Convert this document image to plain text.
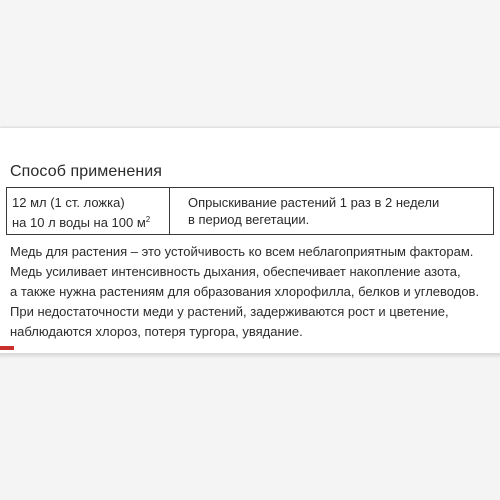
Способ применения
12 мл (1 ст. ложка)
на 10 л воды на 100 $м^2$
Опрыскивание растений 1 раз в 2 недели
в период вегетации.

Медь для растения – это устойчивость ко всем неблагоприятным факторам.

Медь усиливает интенсивность дыхания, обеспечивает накопление азота,

а также нужна растениям для образования хлорофилла, белков и углеводов.

При недостаточности меди у растений, задерживаются рост и цветение,

наблюдаются хлороз, потеря тургора, увядание.
